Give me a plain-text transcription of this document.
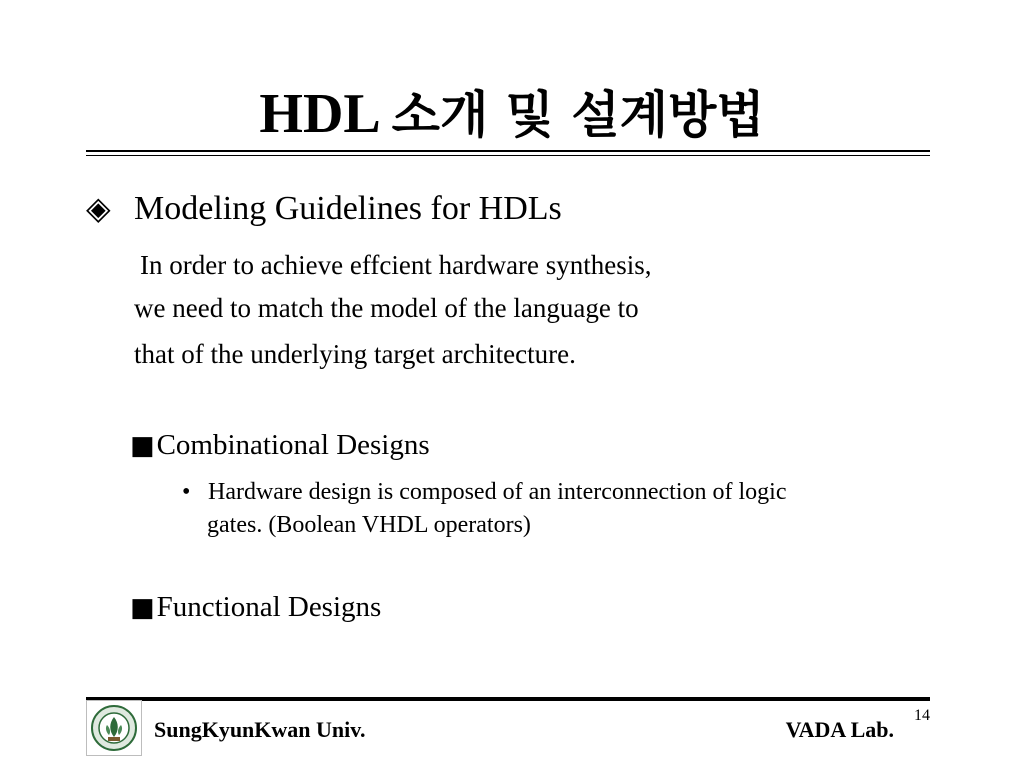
HDL 소개 및 설계방법
◈ Modeling Guidelines for HDLs
In order to achieve effcient hardware synthesis,
we need to match the model of the language to
that of the underlying target architecture.
■Combinational Designs
• Hardware design is composed of an interconnection of logic
gates. (Boolean VHDL operators)
■Functional Designs
SungKyunKwan Univ.	VADA Lab.
14
